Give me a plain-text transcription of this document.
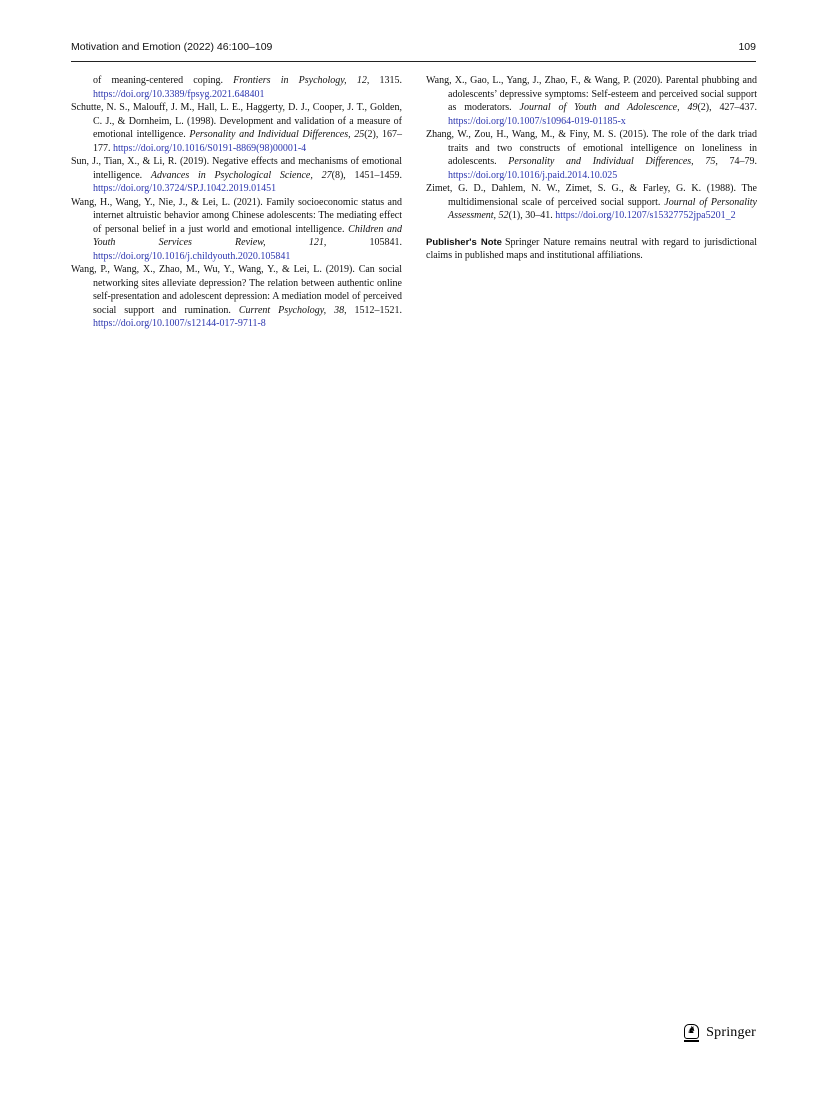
Motivation and Emotion (2022) 46:100–109	109

of meaning-centered coping. Frontiers in Psychology, 12, 1315. https://doi.org/10.3389/fpsyg.2021.648401

Schutte, N. S., Malouff, J. M., Hall, L. E., Haggerty, D. J., Cooper, J. T., Golden, C. J., & Dornheim, L. (1998). Development and validation of a measure of emotional intelligence. Personality and Individual Differences, 25(2), 167–177. https://doi.org/10.1016/S0191-8869(98)00001-4

Sun, J., Tian, X., & Li, R. (2019). Negative effects and mechanisms of emotional intelligence. Advances in Psychological Science, 27(8), 1451–1459. https://doi.org/10.3724/SP.J.1042.2019.01451

Wang, H., Wang, Y., Nie, J., & Lei, L. (2021). Family socioeconomic status and internet altruistic behavior among Chinese adolescents: The mediating effect of personal belief in a just world and emotional intelligence. Children and Youth Services Review, 121, 105841. https://doi.org/10.1016/j.childyouth.2020.105841

Wang, P., Wang, X., Zhao, M., Wu, Y., Wang, Y., & Lei, L. (2019). Can social networking sites alleviate depression? The relation between authentic online self-presentation and adolescent depression: A mediation model of perceived social support and rumination. Current Psychology, 38, 1512–1521. https://doi.org/10.1007/s12144-017-9711-8

Wang, X., Gao, L., Yang, J., Zhao, F., & Wang, P. (2020). Parental phubbing and adolescents’ depressive symptoms: Self-esteem and perceived social support as moderators. Journal of Youth and Adolescence, 49(2), 427–437. https://doi.org/10.1007/s10964-019-01185-x

Zhang, W., Zou, H., Wang, M., & Finy, M. S. (2015). The role of the dark triad traits and two constructs of emotional intelligence on loneliness in adolescents. Personality and Individual Differences, 75, 74–79. https://doi.org/10.1016/j.paid.2014.10.025

Zimet, G. D., Dahlem, N. W., Zimet, S. G., & Farley, G. K. (1988). The multidimensional scale of perceived social support. Journal of Personality Assessment, 52(1), 30–41. https://doi.org/10.1207/s15327752jpa5201_2

Publisher's Note Springer Nature remains neutral with regard to jurisdictional claims in published maps and institutional affiliations.

♞ Springer
